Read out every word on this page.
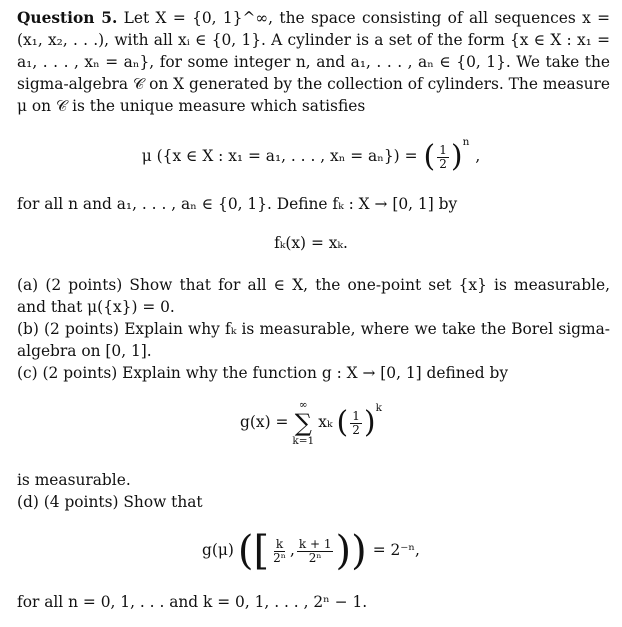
Question 5. Let X = {0, 1}^∞, the space consisting of all sequences x =
(x₁, x₂, . . .), with all xᵢ ∈ {0, 1}. A cylinder is a set of the form {x ∈ X : x₁ =
a₁, . . . , xₙ = aₙ}, for some integer n, and a₁, . . . , aₙ ∈ {0, 1}. We take the
sigma-algebra 𝒞 on X generated by the collection of cylinders. The measure
μ on 𝒞 is the unique measure which satisfies
μ ({x ∈ X : x₁ = a₁, . . . , xₙ = aₙ}) = ( $\frac{1}{2} )^n$
,
for all n and a₁, . . . , aₙ ∈ {0, 1}. Define fₖ : X → [0, 1] by
fₖ(x) = xₖ.
(a) (2 points) Show that for all ∈ X, the one-point set {x} is measurable,
and that μ({x}) = 0.
(b) (2 points) Explain why fₖ is measurable, where we take the Borel sigma-
algebra on [0, 1].
(c) (2 points) Explain why the function g : X → [0, 1] defined by
g(x) =
∞
∑
k=1
xₖ ( $\frac{1}{2} )^k$
is measurable.
(d) (4 points) Show that
g(μ) ( [ $\frac{k}{\text{2ⁿ}}$ , $\frac{k + 1}{\text{2ⁿ}}$ ) ) = 2⁻ⁿ,
for all n = 0, 1, . . . and k = 0, 1, . . . , 2ⁿ − 1.
